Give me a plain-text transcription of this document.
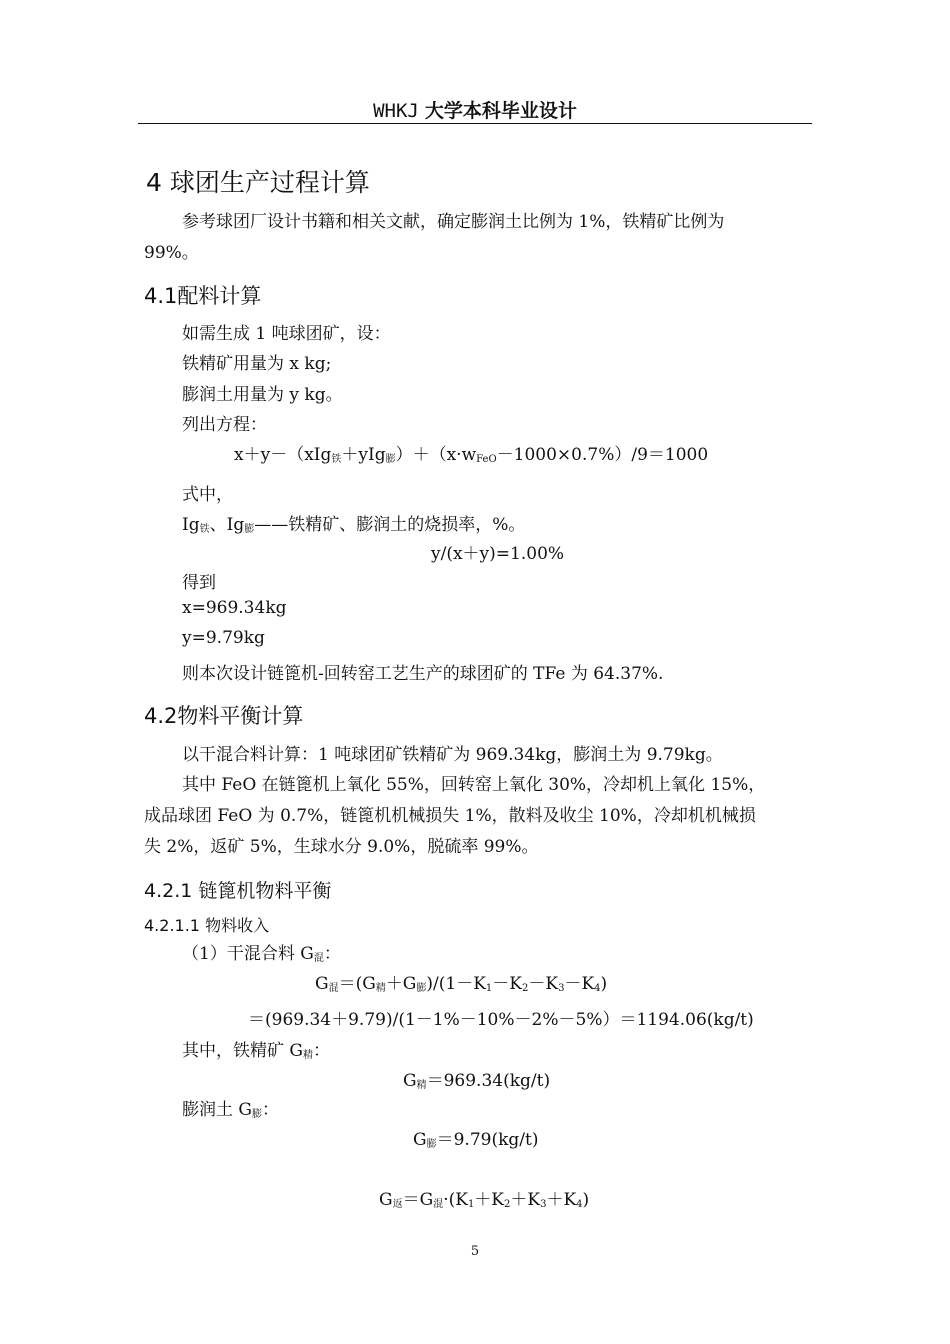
WHKJ 大学本科毕业设计
4 球团生产过程计算
参考球团厂设计书籍和相关文献，确定膨润土比例为 1%，铁精矿比例为
99%。
4.1配料计算
如需生成 1 吨球团矿，设：
铁精矿用量为 x kg;
膨润土用量为 y kg。
列出方程：
$x+y-(xIg_铁+yIg_膨)+(x\cdot w_{FeO}-1000\times 0.7\%)/9=1000$
式中，
$Ig_铁$、$Ig_膨——$铁精矿、膨润土的烧损率，%。
y/(x＋y)=1.00%
得到
x=969.34kg
y=9.79kg
则本次设计链篦机-回转窑工艺生产的球团矿的 TFe 为 64.37%.
4.2物料平衡计算
以干混合料计算：1 吨球团矿铁精矿为 969.34kg，膨润土为 9.79kg。
其中 FeO 在链篦机上氧化 55%，回转窑上氧化 30%，冷却机上氧化 15%，
成品球团 FeO 为 0.7%，链篦机机械损失 1%，散料及收尘 10%，冷却机机械损
失 2%，返矿 5%，生球水分 9.0%，脱硫率 99%。
4.2.1 链篦机物料平衡
4.2.1.1 物料收入
（1）干混合料 $G_混$：
$G_混=(G_精+G_膨)/(1-K_1-K_2-K_3-K_4)$
＝(969.34＋9.79)/(1－1%－10%－2%－5%）＝1194.06(kg/t)
其中，铁精矿 $G_精$：
$G_精=969.34(kg/t)$
膨润土 $G_膨$：
$G_膨=9.79(kg/t)$
$G_返=G_混\cdot(K_1+K_2+K_3+K_4)$
5
